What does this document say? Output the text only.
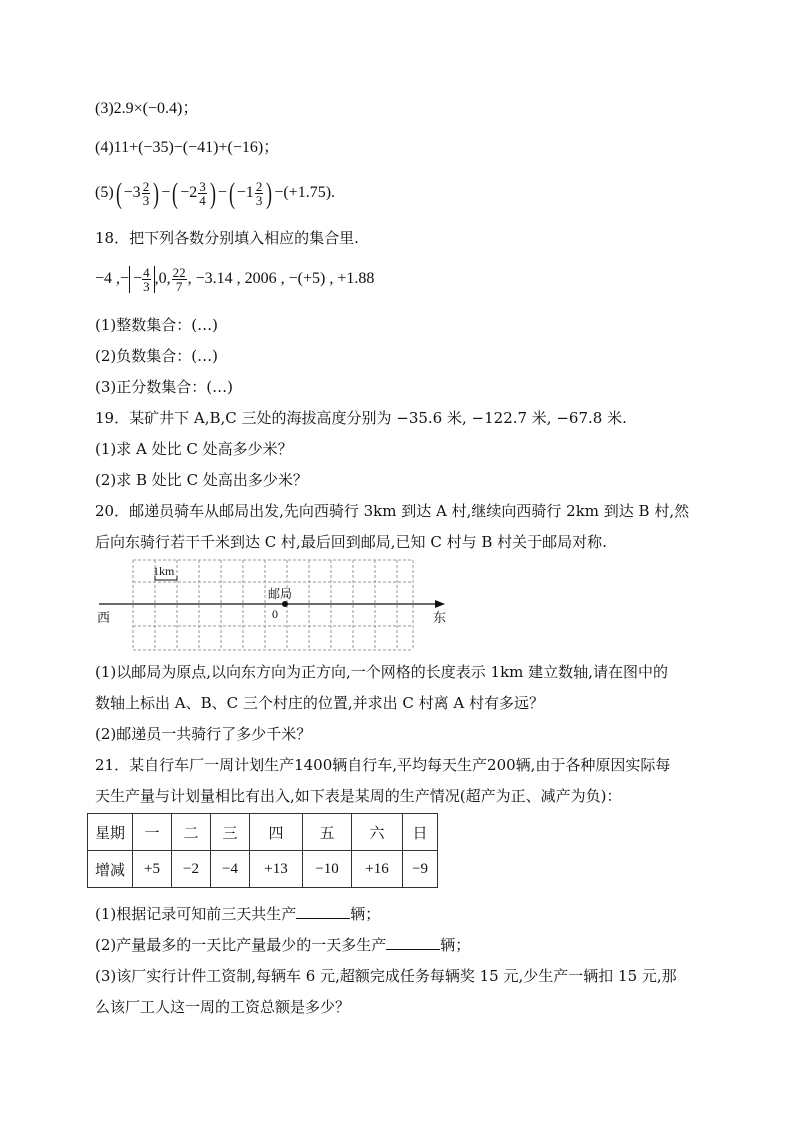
(3)2.9×(−0.4)；
(4)11+(−35)−(−41)+(−16)；
$(5)( -3 \frac{2}{3}$ ) −( $-2 \frac{3}{4}$ ) −( $-1 \frac{2}{3}$ ) −(+1.75).
18．把下列各数分别填入相应的集合里.
−4 ,− − $\frac{4}{3} ,0$, $\frac{22}{7}$ , −3.14 , 2006 , −(+5) , +1.88
(1)整数集合：(…)
(2)负数集合：(…)
(3)正分数集合：(…)
19．某矿井下 A,B,C 三处的海拔高度分别为 −35.6 米, −122.7 米, −67.8 米.
(1)求 A 处比 C 处高多少米？
(2)求 B 处比 C 处高出多少米？
20．邮递员骑车从邮局出发,先向西骑行 3km 到达 A 村,继续向西骑行 2km 到达 B 村,然
后向东骑行若干千米到达 C 村,最后回到邮局,已知 C 村与 B 村关于邮局对称.
1km
邮局
0
西	东
(1)以邮局为原点,以向东方向为正方向,一个网格的长度表示 1km 建立数轴,请在图中的
数轴上标出 A、B、C 三个村庄的位置,并求出 C 村离 A 村有多远？
(2)邮递员一共骑行了多少千米？
21．某自行车厂一周计划生产1400辆自行车,平均每天生产200辆,由于各种原因实际每
天生产量与计划量相比有出入,如下表是某周的生产情况(超产为正、减产为负)：
星期	一	二	三	四	五	六	日
增减	+5	−2	−4	+13	−10	+16	−9
(1)根据记录可知前三天共生产	辆；
(2)产量最多的一天比产量最少的一天多生产	辆；
(3)该厂实行计件工资制,每辆车 6 元,超额完成任务每辆奖 15 元,少生产一辆扣 15 元,那
么该厂工人这一周的工资总额是多少？
